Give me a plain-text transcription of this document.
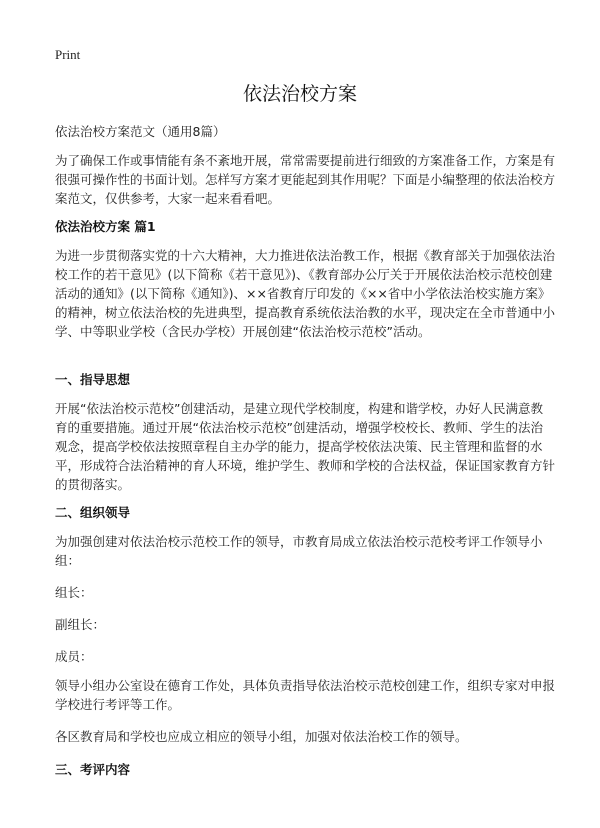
Print
依法治校方案
依法治校方案范文（通用8篇）

为了确保工作或事情能有条不紊地开展，常常需要提前进行细致的方案准备工作，方案是有很强可操作性的书面计划。怎样写方案才更能起到其作用呢？下面是小编整理的依法治校方案范文，仅供参考，大家一起来看看吧。

依法治校方案 篇1

为进一步贯彻落实党的十六大精神，大力推进依法治教工作，根据《教育部关于加强依法治校工作的若干意见》(以下简称《若干意见》)、《教育部办公厅关于开展依法治校示范校创建活动的通知》(以下简称《通知》)、××省教育厅印发的《××省中小学依法治校实施方案》的精神，树立依法治校的先进典型，提高教育系统依法治教的水平，现决定在全市普通中小学、中等职业学校（含民办学校）开展创建“依法治校示范校”活动。

一、指导思想

开展“依法治校示范校”创建活动，是建立现代学校制度，构建和谐学校，办好人民满意教育的重要措施。通过开展“依法治校示范校”创建活动，增强学校校长、教师、学生的法治观念，提高学校依法按照章程自主办学的能力，提高学校依法决策、民主管理和监督的水平，形成符合法治精神的育人环境，维护学生、教师和学校的合法权益，保证国家教育方针的贯彻落实。

二、组织领导

为加强创建对依法治校示范校工作的领导，市教育局成立依法治校示范校考评工作领导小组：

组长：
副组长：
成员：

领导小组办公室设在德育工作处，具体负责指导依法治校示范校创建工作，组织专家对申报学校进行考评等工作。

各区教育局和学校也应成立相应的领导小组，加强对依法治校工作的领导。

三、考评内容
